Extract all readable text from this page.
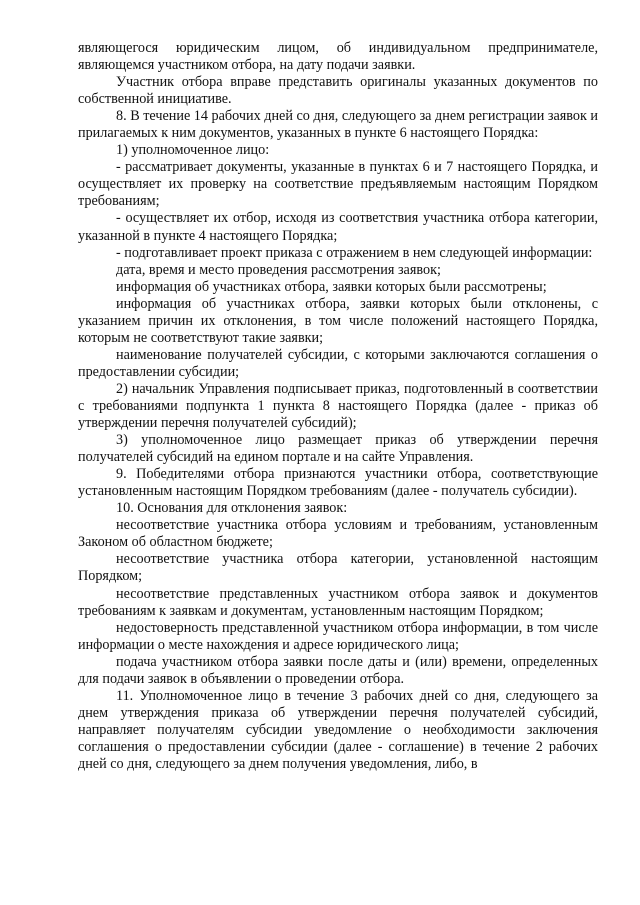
являющегося юридическим лицом, об индивидуальном предпринимателе, являющемся участником отбора, на дату подачи заявки.

Участник отбора вправе представить оригиналы указанных документов по собственной инициативе.

8. В течение 14 рабочих дней со дня, следующего за днем регистрации заявок и прилагаемых к ним документов, указанных в пункте 6 настоящего Порядка:

1) уполномоченное лицо:

- рассматривает документы, указанные в пунктах 6 и 7 настоящего Порядка, и осуществляет их проверку на соответствие предъявляемым настоящим Порядком требованиям;

- осуществляет их отбор, исходя из соответствия участника отбора категории, указанной в пункте 4 настоящего Порядка;

- подготавливает проект приказа с отражением в нем следующей информации:

дата, время и место проведения рассмотрения заявок;

информация об участниках отбора, заявки которых были рассмотрены;

информация об участниках отбора, заявки которых были отклонены, с указанием причин их отклонения, в том числе положений настоящего Порядка, которым не соответствуют такие заявки;

наименование получателей субсидии, с которыми заключаются соглашения о предоставлении субсидии;

2) начальник Управления подписывает приказ, подготовленный в соответствии с требованиями подпункта 1 пункта 8 настоящего Порядка (далее - приказ об утверждении перечня получателей субсидий);

3) уполномоченное лицо размещает приказ об утверждении перечня получателей субсидий на едином портале и на сайте Управления.

9. Победителями отбора признаются участники отбора, соответствующие установленным настоящим Порядком требованиям (далее - получатель субсидии).

10. Основания для отклонения заявок:

несоответствие участника отбора условиям и требованиям, установленным Законом об областном бюджете;

несоответствие участника отбора категории, установленной настоящим Порядком;

несоответствие представленных участником отбора заявок и документов требованиям к заявкам и документам, установленным настоящим Порядком;

недостоверность представленной участником отбора информации, в том числе информации о месте нахождения и адресе юридического лица;

подача участником отбора заявки после даты и (или) времени, определенных для подачи заявок в объявлении о проведении отбора.

11. Уполномоченное лицо в течение 3 рабочих дней со дня, следующего за днем утверждения приказа об утверждении перечня получателей субсидий, направляет получателям субсидии уведомление о необходимости заключения соглашения о предоставлении субсидии (далее - соглашение) в течение 2 рабочих дней со дня, следующего за днем получения уведомления, либо, в
